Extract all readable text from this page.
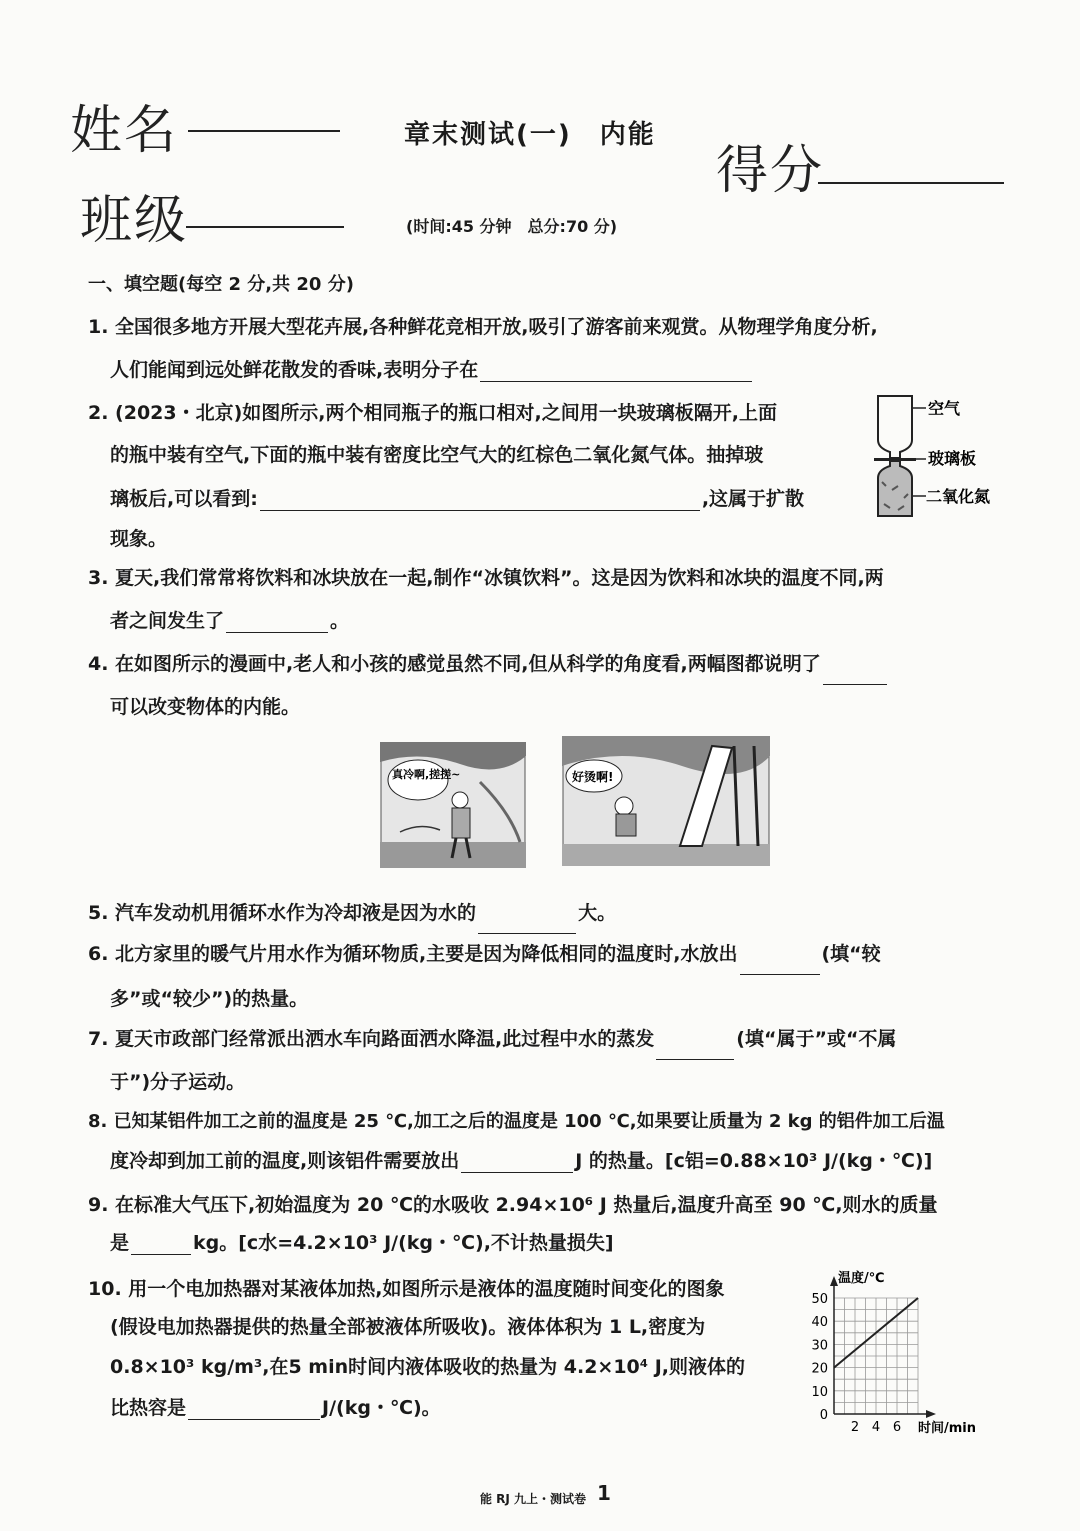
姓名	章末测试(一)　内能
得分
班级	(时间:45 分钟　总分:70 分)
一、填空题(每空 2 分,共 20 分)
1. 全国很多地方开展大型花卉展,各种鲜花竞相开放,吸引了游客前来观赏。从物理学角度分析,
人们能闻到远处鲜花散发的香味,表明分子在
2. (2023・北京)如图所示,两个相同瓶子的瓶口相对,之间用一块玻璃板隔开,上面
的瓶中装有空气,下面的瓶中装有密度比空气大的红棕色二氧化氮气体。抽掉玻
璃板后,可以看到:	,这属于扩散
现象。
空气
玻璃板
二氧化氮
3. 夏天,我们常常将饮料和冰块放在一起,制作“冰镇饮料”。这是因为饮料和冰块的温度不同,两
者之间发生了	。
4. 在如图所示的漫画中,老人和小孩的感觉虽然不同,但从科学的角度看,两幅图都说明了
可以改变物体的内能。
真冷啊,搓搓~	好烫啊!
5. 汽车发动机用循环水作为冷却液是因为水的	大。
6. 北方家里的暖气片用水作为循环物质,主要是因为降低相同的温度时,水放出	(填“较
多”或“较少”)的热量。
7. 夏天市政部门经常派出洒水车向路面洒水降温,此过程中水的蒸发	(填“属于”或“不属
于”)分子运动。
8. 已知某铝件加工之前的温度是 25 ℃,加工之后的温度是 100 ℃,如果要让质量为 2 kg 的铝件加工后温
度冷却到加工前的温度,则该铝件需要放出	J 的热量。[c铝=0.88×10³ J/(kg・℃)]
9. 在标准大气压下,初始温度为 20 ℃的水吸收 2.94×10⁶ J 热量后,温度升高至 90 ℃,则水的质量
是	kg。[c水=4.2×10³ J/(kg・℃),不计热量损失]
10. 用一个电加热器对某液体加热,如图所示是液体的温度随时间变化的图象
(假设电加热器提供的热量全部被液体所吸收)。液体体积为 1 L,密度为
0.8×10³ kg/m³,在5 min时间内液体吸收的热量为 4.2×10⁴ J,则液体的
比热容是	J/(kg・℃)。
温度/℃
时间/min
0
10
20
30
40
50
2 4 6
能 RJ 九上・测试卷 1
